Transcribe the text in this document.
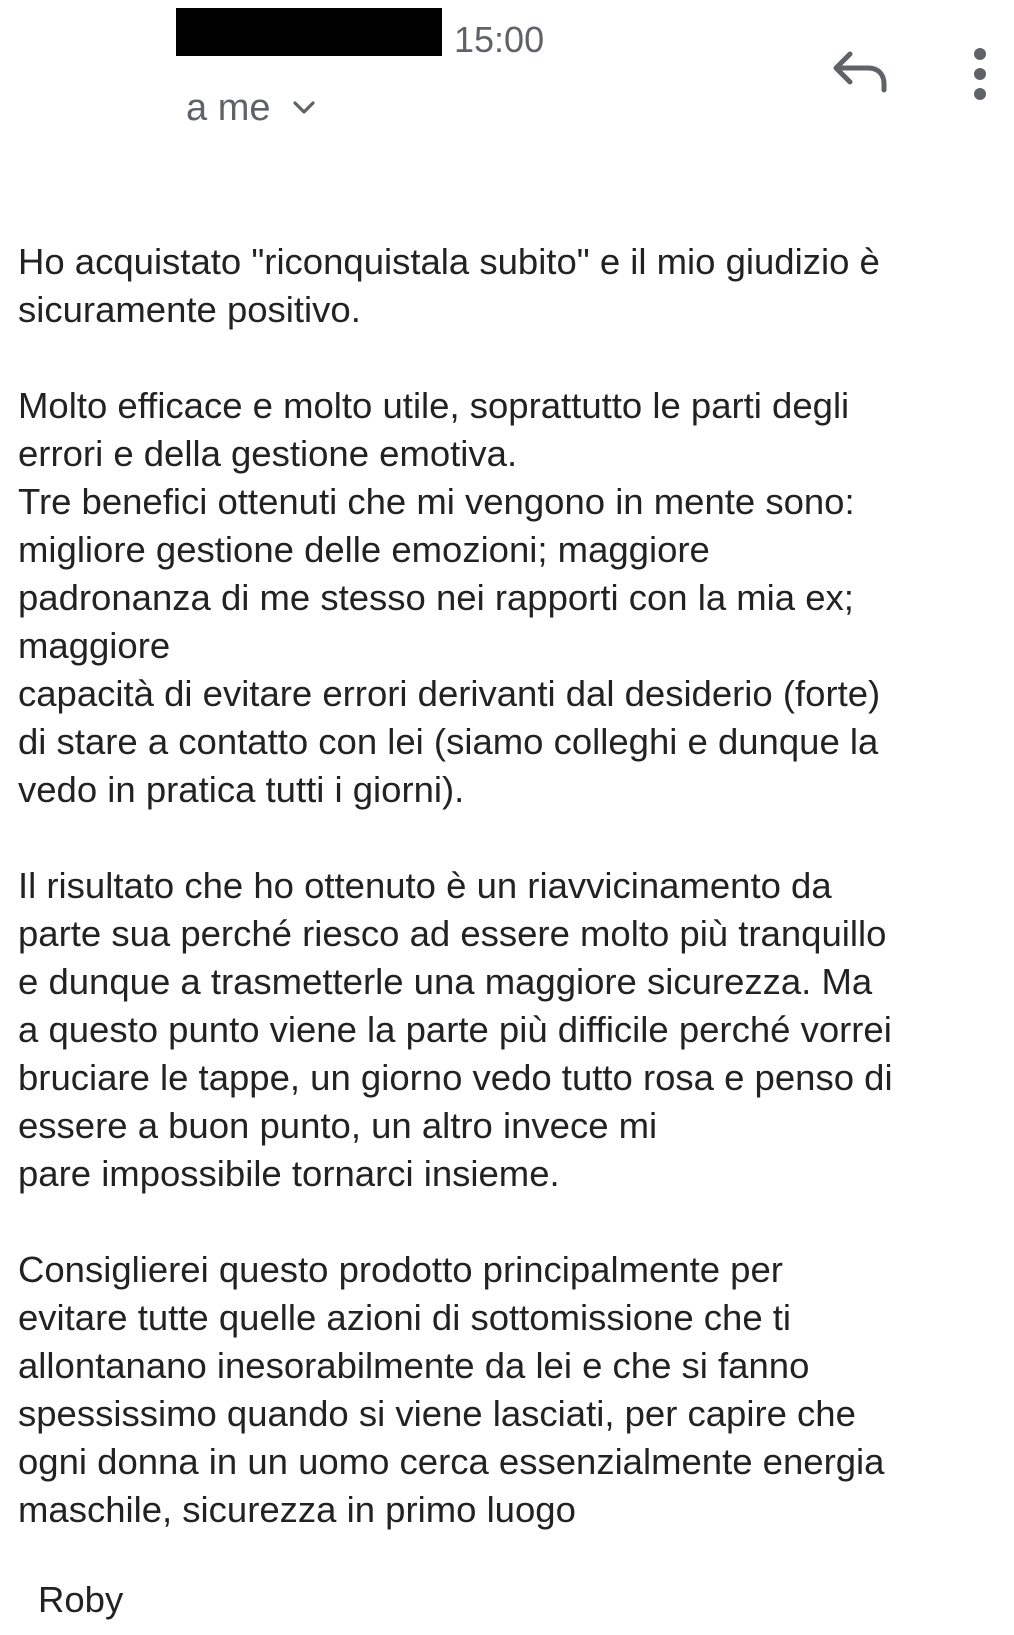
15:00
a me

Ho acquistato "riconquistala subito" e il mio giudizio è
sicuramente positivo.

Molto efficace e molto utile, soprattutto le parti degli
errori e della gestione emotiva.
Tre benefici ottenuti che mi vengono in mente sono:
migliore gestione delle emozioni; maggiore
padronanza di me stesso nei rapporti con la mia ex;
maggiore
capacità di evitare errori derivanti dal desiderio (forte)
di stare a contatto con lei (siamo colleghi e dunque la
vedo in pratica tutti i giorni).

Il risultato che ho ottenuto è un riavvicinamento da
parte sua perché riesco ad essere molto più tranquillo
e dunque a trasmetterle una maggiore sicurezza. Ma
a questo punto viene la parte più difficile perché vorrei
bruciare le tappe, un giorno vedo tutto rosa e penso di
essere a buon punto, un altro invece mi
pare impossibile tornarci insieme.

Consiglierei questo prodotto principalmente per
evitare tutte quelle azioni di sottomissione che ti
allontanano inesorabilmente da lei e che si fanno
spessissimo quando si viene lasciati, per capire che
ogni donna in un uomo cerca essenzialmente energia
maschile, sicurezza in primo luogo

Roby
